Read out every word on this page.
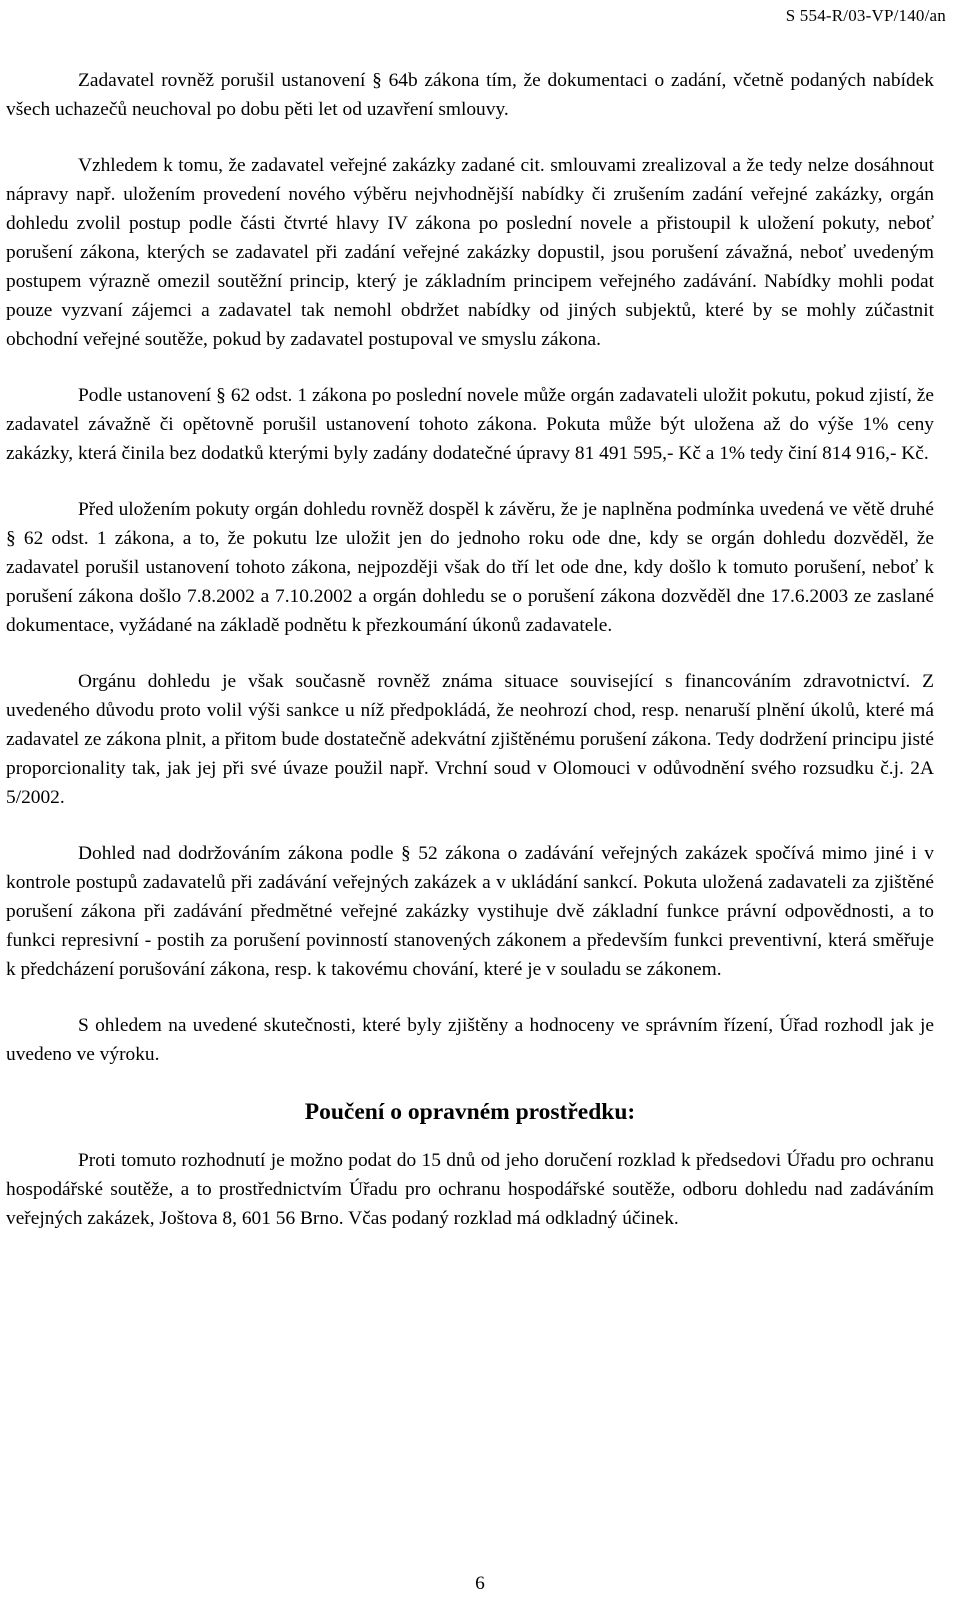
S 554-R/03-VP/140/an

Zadavatel rovněž porušil ustanovení § 64b zákona tím, že dokumentaci o zadání, včetně podaných nabídek všech uchazečů neuchoval po dobu pěti let od uzavření smlouvy.

Vzhledem k tomu, že zadavatel veřejné zakázky zadané cit. smlouvami zrealizoval a že tedy nelze dosáhnout nápravy např. uložením provedení nového výběru nejvhodnější nabídky či zrušením zadání veřejné zakázky, orgán dohledu zvolil postup podle části čtvrté hlavy IV zákona po poslední novele a přistoupil k uložení pokuty, neboť porušení zákona, kterých se zadavatel při zadání veřejné zakázky dopustil, jsou porušení závažná, neboť uvedeným postupem výrazně omezil soutěžní princip, který je základním principem veřejného zadávání. Nabídky mohli podat pouze vyzvaní zájemci a zadavatel tak nemohl obdržet nabídky od jiných subjektů, které by se mohly zúčastnit obchodní veřejné soutěže, pokud by zadavatel postupoval ve smyslu zákona.

Podle ustanovení § 62 odst. 1 zákona po poslední novele může orgán zadavateli uložit pokutu, pokud zjistí, že zadavatel závažně či opětovně porušil ustanovení tohoto zákona. Pokuta může být uložena až do výše 1% ceny zakázky, která činila bez dodatků kterými byly zadány dodatečné úpravy 81 491 595,- Kč a 1% tedy činí 814 916,- Kč.

Před uložením pokuty orgán dohledu rovněž dospěl k závěru, že je naplněna podmínka uvedená ve větě druhé § 62 odst. 1 zákona, a to, že pokutu lze uložit jen do jednoho roku ode dne, kdy se orgán dohledu dozvěděl, že zadavatel porušil ustanovení tohoto zákona, nejpozději však do tří let ode dne, kdy došlo k tomuto porušení, neboť k porušení zákona došlo 7.8.2002 a 7.10.2002 a orgán dohledu se o porušení zákona dozvěděl dne 17.6.2003 ze zaslané dokumentace, vyžádané na základě podnětu k přezkoumání úkonů zadavatele.

Orgánu dohledu je však současně rovněž známa situace související s financováním zdravotnictví. Z uvedeného důvodu proto volil výši sankce u níž předpokládá, že neohrozí chod, resp. nenaruší plnění úkolů, které má zadavatel ze zákona plnit, a přitom bude dostatečně adekvátní zjištěnému porušení zákona. Tedy dodržení principu jisté proporcionality tak, jak jej při své úvaze použil např. Vrchní soud v Olomouci v odůvodnění svého rozsudku č.j. 2A 5/2002.

Dohled nad dodržováním zákona podle § 52 zákona o zadávání veřejných zakázek spočívá mimo jiné i v kontrole postupů zadavatelů při zadávání veřejných zakázek a v ukládání sankcí. Pokuta uložená zadavateli za zjištěné porušení zákona při zadávání předmětné veřejné zakázky vystihuje dvě základní funkce právní odpovědnosti, a to funkci represivní - postih za porušení povinností stanovených zákonem a především funkci preventivní, která směřuje k předcházení porušování zákona, resp. k takovému chování, které je v souladu se zákonem.

S ohledem na uvedené skutečnosti, které byly zjištěny a hodnoceny ve správním řízení, Úřad rozhodl jak je uvedeno ve výroku.

Poučení o opravném prostředku:

Proti tomuto rozhodnutí je možno podat do 15 dnů od jeho doručení rozklad k předsedovi Úřadu pro ochranu hospodářské soutěže, a to prostřednictvím Úřadu pro ochranu hospodářské soutěže, odboru dohledu nad zadáváním veřejných zakázek, Joštova 8, 601 56 Brno. Včas podaný rozklad má odkladný účinek.

6
